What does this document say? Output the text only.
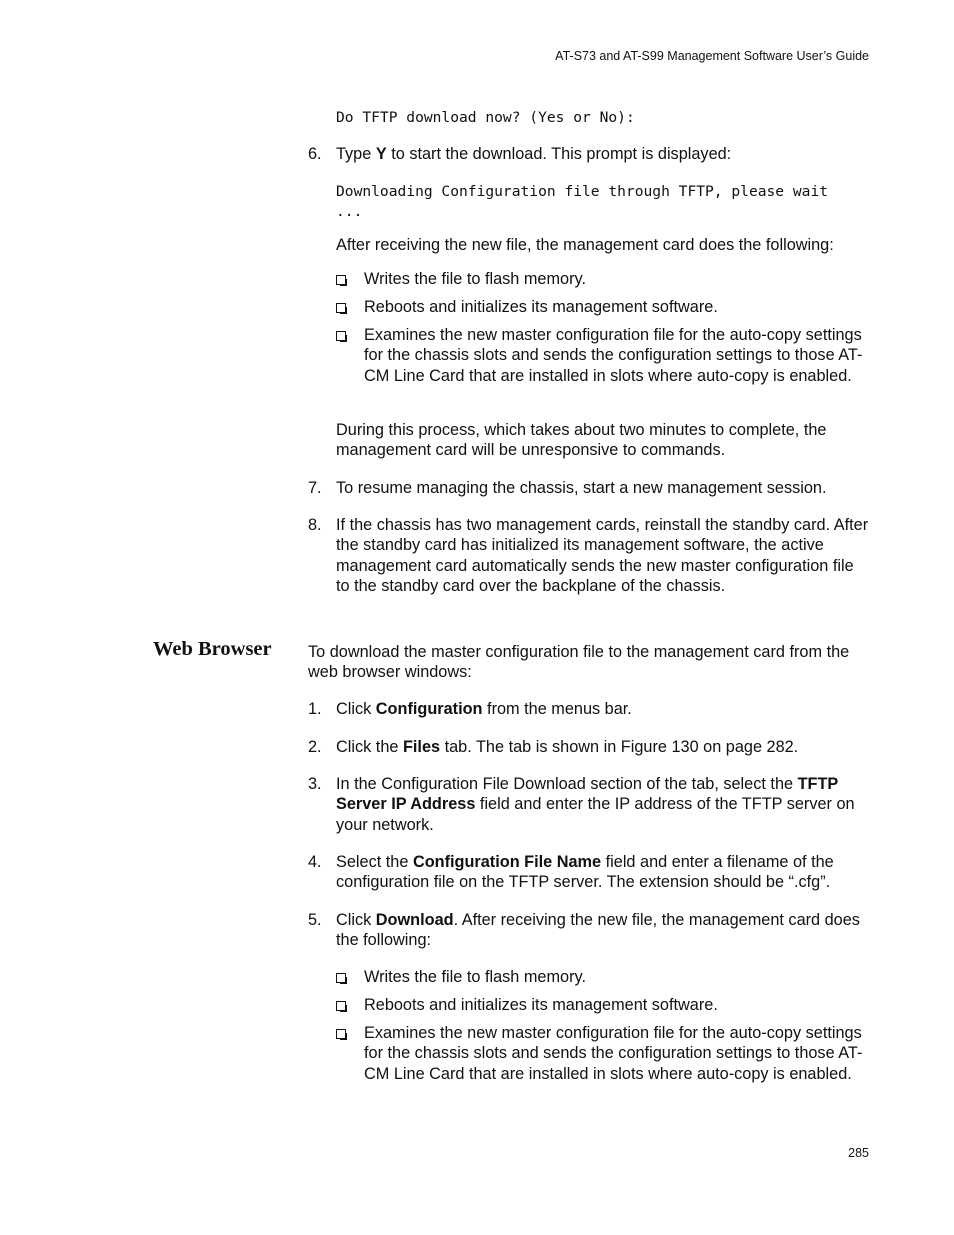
AT-S73 and AT-S99 Management Software User’s Guide
Do TFTP download now? (Yes or No):
6. Type Y to start the download. This prompt is displayed:
Downloading Configuration file through TFTP, please wait
...
After receiving the new file, the management card does the following:
Writes the file to flash memory.
Reboots and initializes its management software.
Examines the new master configuration file for the auto-copy settings for the chassis slots and sends the configuration settings to those AT-CM Line Card that are installed in slots where auto-copy is enabled.
During this process, which takes about two minutes to complete, the management card will be unresponsive to commands.
7. To resume managing the chassis, start a new management session.
8. If the chassis has two management cards, reinstall the standby card. After the standby card has initialized its management software, the active management card automatically sends the new master configuration file to the standby card over the backplane of the chassis.
Web Browser To download the master configuration file to the management card from the web browser windows:
1. Click Configuration from the menus bar.
2. Click the Files tab. The tab is shown in Figure 130 on page 282.
3. In the Configuration File Download section of the tab, select the TFTP Server IP Address field and enter the IP address of the TFTP server on your network.
4. Select the Configuration File Name field and enter a filename of the configuration file on the TFTP server. The extension should be “.cfg”.
5. Click Download. After receiving the new file, the management card does the following:
Writes the file to flash memory.
Reboots and initializes its management software.
Examines the new master configuration file for the auto-copy settings for the chassis slots and sends the configuration settings to those AT-CM Line Card that are installed in slots where auto-copy is enabled.
285
